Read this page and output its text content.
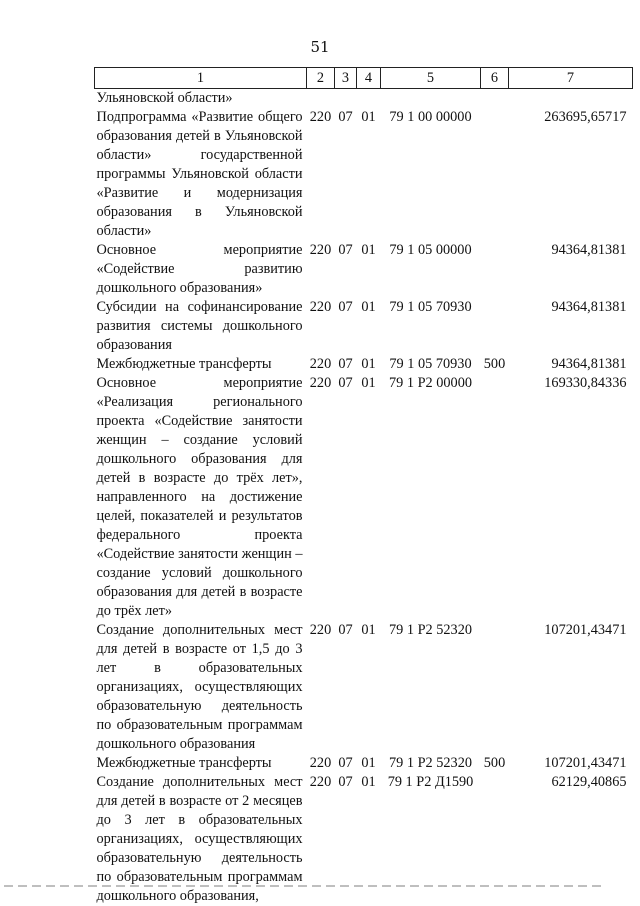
51
1	2	3	4	5	6	7
Ульяновской области»						
Подпрограмма «Развитие общего образования детей в Ульяновской области» государственной программы Ульяновской области «Развитие и модернизация образования в Ульяновской области»	220	07	01	79 1 00 00000		263695,65717
Основное мероприятие «Содействие развитию дошкольного образования»	220	07	01	79 1 05 00000		94364,81381
Субсидии на софинансирование развития системы дошкольного образования	220	07	01	79 1 05 70930		94364,81381
Межбюджетные трансферты	220	07	01	79 1 05 70930	500	94364,81381
Основное мероприятие «Реализация регионального проекта «Содействие занятости женщин – создание условий дошкольного образования для детей в возрасте до трёх лет», направленного на достижение целей, показателей и результатов федерального проекта «Содействие занятости женщин – создание условий дошкольного образования для детей в возрасте до трёх лет»	220	07	01	79 1 P2 00000		169330,84336
Создание дополнительных мест для детей в возрасте от 1,5 до 3 лет в образовательных организациях, осуществляющих образовательную деятельность по образовательным программам дошкольного образования	220	07	01	79 1 P2 52320		107201,43471
Межбюджетные трансферты	220	07	01	79 1 P2 52320	500	107201,43471
Создание дополнительных мест для детей в возрасте от 2 месяцев до 3 лет в образовательных организациях, осуществляющих образовательную деятельность по образовательным программам дошкольного образования,	220	07	01	79 1 P2 Д1590		62129,40865
